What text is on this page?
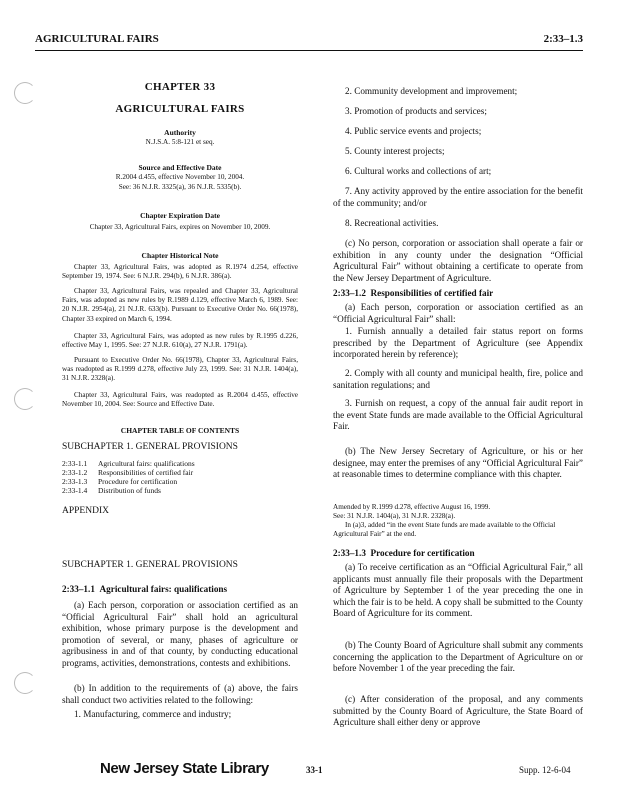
AGRICULTURAL FAIRS	2:33–1.3
CHAPTER 33
AGRICULTURAL FAIRS
Authority
N.J.S.A. 5:8-121 et seq.
Source and Effective Date
R.2004 d.455, effective November 10, 2004.
See: 36 N.J.R. 3325(a), 36 N.J.R. 5335(b).
Chapter Expiration Date
Chapter 33, Agricultural Fairs, expires on November 10, 2009.
Chapter Historical Note
Chapter 33, Agricultural Fairs, was adopted as R.1974 d.254, effective September 19, 1974. See: 6 N.J.R. 294(b), 6 N.J.R. 386(a).
Chapter 33, Agricultural Fairs, was repealed and Chapter 33, Agricultural Fairs, was adopted as new rules by R.1989 d.129, effective March 6, 1989. See: 20 N.J.R. 2954(a), 21 N.J.R. 633(b). Pursuant to Executive Order No. 66(1978), Chapter 33 expired on March 6, 1994.
Chapter 33, Agricultural Fairs, was adopted as new rules by R.1995 d.226, effective May 1, 1995. See: 27 N.J.R. 610(a), 27 N.J.R. 1791(a).
Pursuant to Executive Order No. 66(1978), Chapter 33, Agricultural Fairs, was readopted as R.1999 d.278, effective July 23, 1999. See: 31 N.J.R. 1404(a), 31 N.J.R. 2328(a).
Chapter 33, Agricultural Fairs, was readopted as R.2004 d.455, effective November 10, 2004. See: Source and Effective Date.
CHAPTER TABLE OF CONTENTS
SUBCHAPTER 1. GENERAL PROVISIONS
2:33-1.1 Agricultural fairs: qualifications
2:33-1.2 Responsibilities of certified fair
2:33-1.3 Procedure for certification
2:33-1.4 Distribution of funds
APPENDIX
SUBCHAPTER 1. GENERAL PROVISIONS
2:33–1.1 Agricultural fairs: qualifications
(a) Each person, corporation or association certified as an “Official Agricultural Fair” shall hold an agricultural exhibition, whose primary purpose is the development and promotion of several, or many, phases of agriculture or agribusiness in and of that county, by conducting educational programs, activities, demonstrations, contests and exhibitions.
(b) In addition to the requirements of (a) above, the fairs shall conduct two activities related to the following:
1. Manufacturing, commerce and industry;
2. Community development and improvement;
3. Promotion of products and services;
4. Public service events and projects;
5. County interest projects;
6. Cultural works and collections of art;
7. Any activity approved by the entire association for the benefit of the community; and/or
8. Recreational activities.
(c) No person, corporation or association shall operate a fair or exhibition in any county under the designation “Official Agricultural Fair” without obtaining a certificate to operate from the New Jersey Department of Agriculture.
2:33–1.2 Responsibilities of certified fair
(a) Each person, corporation or association certified as an “Official Agricultural Fair” shall:
1. Furnish annually a detailed fair status report on forms prescribed by the Department of Agriculture (see Appendix incorporated herein by reference);
2. Comply with all county and municipal health, fire, police and sanitation regulations; and
3. Furnish on request, a copy of the annual fair audit report in the event State funds are made available to the Official Agricultural Fair.
(b) The New Jersey Secretary of Agriculture, or his or her designee, may enter the premises of any “Official Agricultural Fair” at reasonable times to determine compliance with this chapter.
Amended by R.1999 d.278, effective August 16, 1999.
See: 31 N.J.R. 1404(a), 31 N.J.R. 2328(a).
In (a)3, added “in the event State funds are made available to the Official Agricultural Fair” at the end.
2:33–1.3 Procedure for certification
(a) To receive certification as an “Official Agricultural Fair,” all applicants must annually file their proposals with the Department of Agriculture by September 1 of the year preceding the one in which the fair is to be held. A copy shall be submitted to the County Board of Agriculture for its comment.
(b) The County Board of Agriculture shall submit any comments concerning the application to the Department of Agriculture on or before November 1 of the year preceding the fair.
(c) After consideration of the proposal, and any comments submitted by the County Board of Agriculture, the State Board of Agriculture shall either deny or approve
New Jersey State Library	33-1	Supp. 12-6-04
